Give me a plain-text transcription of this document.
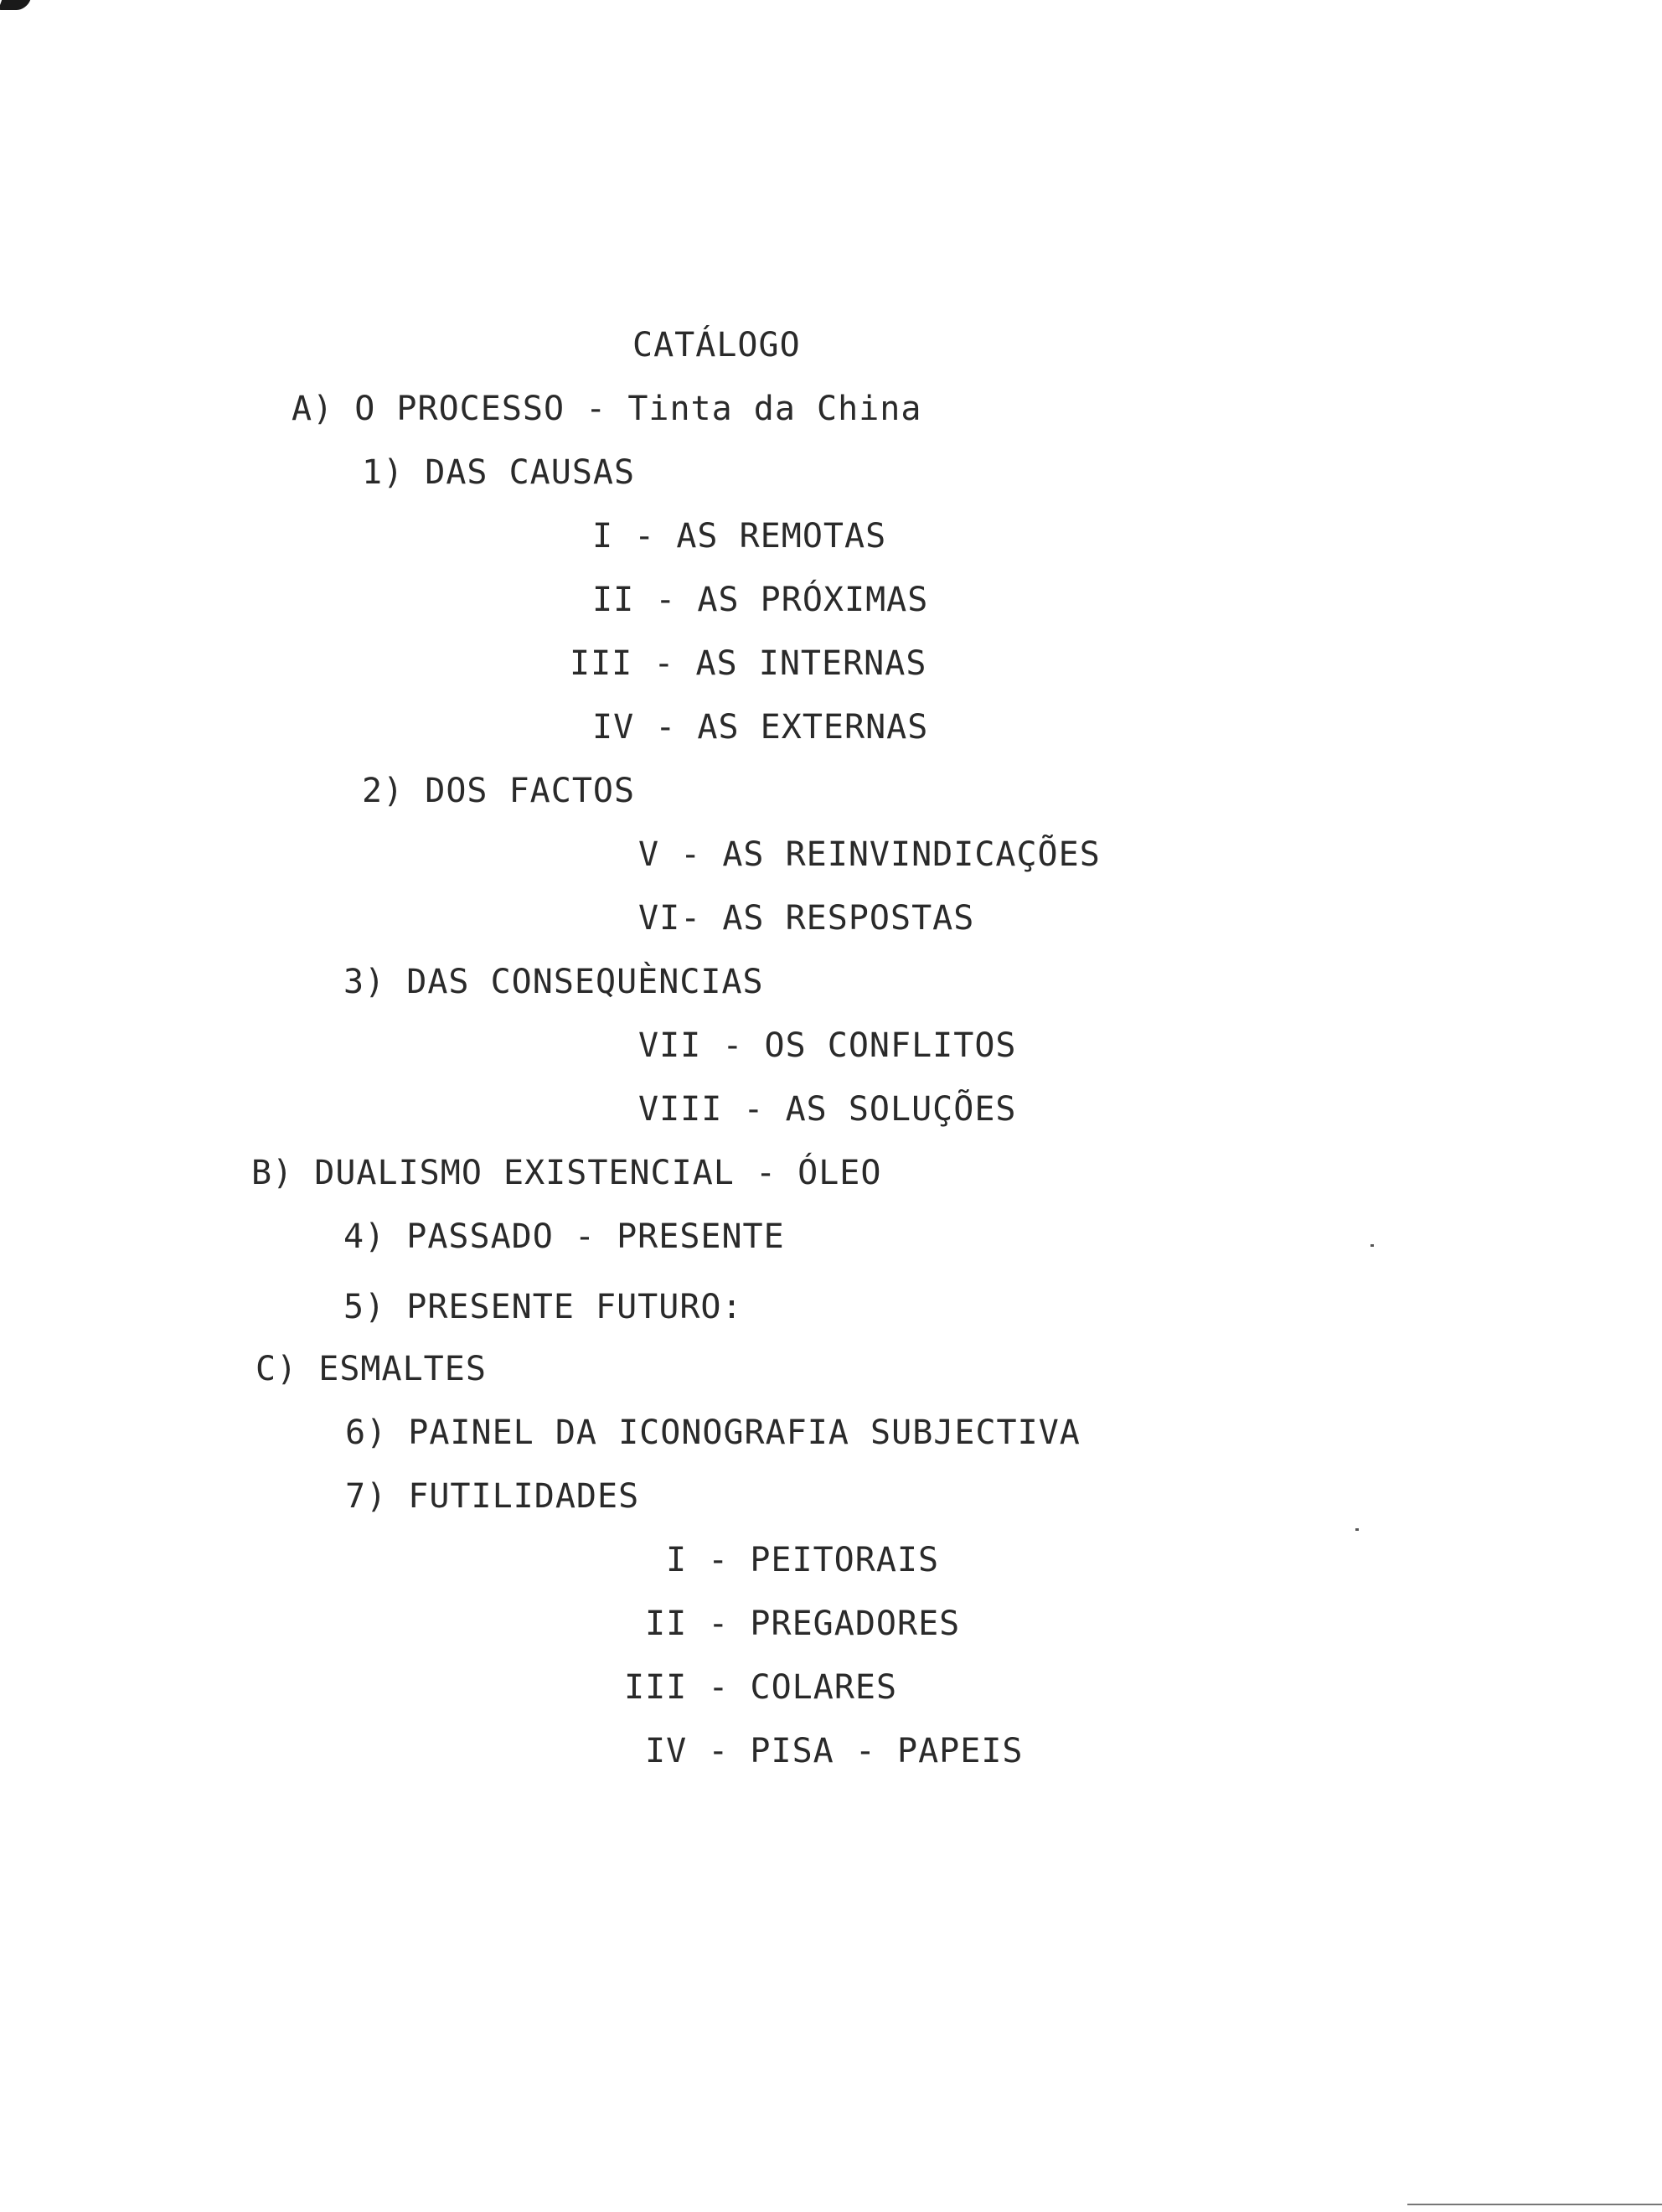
CATÁLOGO
A) O PROCESSO - Tinta da China
1) DAS CAUSAS
I - AS REMOTAS
II - AS PRÓXIMAS
III - AS INTERNAS
IV - AS EXTERNAS
2) DOS FACTOS
V - AS REINVINDICAÇÕES
VI- AS RESPOSTAS
3) DAS CONSEQUÈNCIAS
VII - OS CONFLITOS
VIII - AS SOLUÇÕES
B) DUALISMO EXISTENCIAL - ÓLEO
4) PASSADO - PRESENTE
5) PRESENTE FUTURO:
C) ESMALTES
6) PAINEL DA ICONOGRAFIA SUBJECTIVA
7) FUTILIDADES
I - PEITORAIS
II - PREGADORES
III - COLARES
IV - PISA - PAPEIS
